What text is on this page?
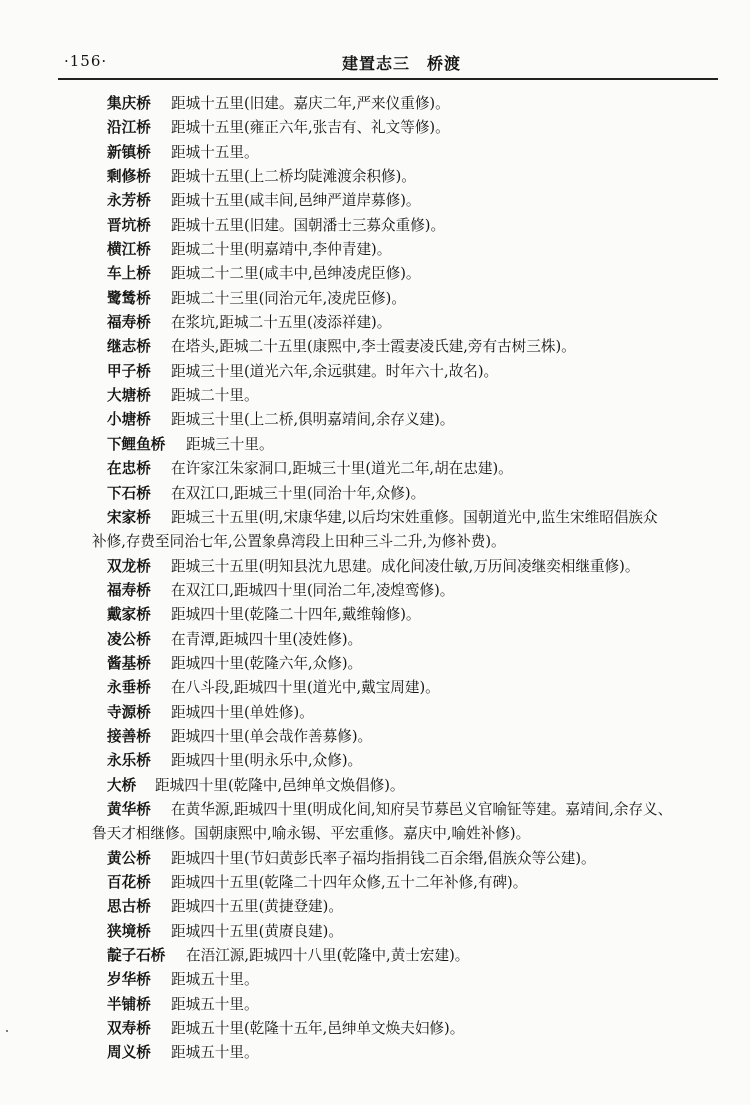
·156·	建置志三　桥渡
集庆桥 距城十五里(旧建。嘉庆二年,严来仪重修)。
沿江桥 距城十五里(雍正六年,张吉有、礼文等修)。
新镇桥 距城十五里。
剩修桥 距城十五里(上二桥均陡滩渡余积修)。
永芳桥 距城十五里(咸丰间,邑绅严道岸募修)。
晋坑桥 距城十五里(旧建。国朝潘士三募众重修)。
横江桥 距城二十里(明嘉靖中,李仲青建)。
车上桥 距城二十二里(咸丰中,邑绅凌虎臣修)。
鹭鸶桥 距城二十三里(同治元年,凌虎臣修)。
福寿桥 在浆坑,距城二十五里(凌添祥建)。
继志桥 在塔头,距城二十五里(康熙中,李士霞妻凌氏建,旁有古树三株)。
甲子桥 距城三十里(道光六年,余远骐建。时年六十,故名)。
大塘桥 距城二十里。
小塘桥 距城三十里(上二桥,俱明嘉靖间,余存义建)。
下鲤鱼桥 距城三十里。
在忠桥 在许家江朱家洞口,距城三十里(道光二年,胡在忠建)。
下石桥 在双江口,距城三十里(同治十年,众修)。
宋家桥 距城三十五里(明,宋康华建,以后均宋姓重修。国朝道光中,监生宋维昭倡族众
补修,存费至同治七年,公置象鼻湾段上田种三斗二升,为修补费)。
双龙桥 距城三十五里(明知县沈九思建。成化间凌仕敏,万历间凌继奕相继重修)。
福寿桥 在双江口,距城四十里(同治二年,凌煌鸾修)。
戴家桥 距城四十里(乾隆二十四年,戴维翰修)。
凌公桥 在青潭,距城四十里(凌姓修)。
酱基桥 距城四十里(乾隆六年,众修)。
永垂桥 在八斗段,距城四十里(道光中,戴宝周建)。
寺源桥 距城四十里(单姓修)。
接善桥 距城四十里(单会哉作善募修)。
永乐桥 距城四十里(明永乐中,众修)。
大桥 距城四十里(乾隆中,邑绅单文焕倡修)。
黄华桥 在黄华源,距城四十里(明成化间,知府吴节募邑义官喻钲等建。嘉靖间,余存义、
鲁天才相继修。国朝康熙中,喻永锡、平宏重修。嘉庆中,喻姓补修)。
黄公桥 距城四十里(节妇黄彭氏率子福均指捐钱二百余缗,倡族众等公建)。
百花桥 距城四十五里(乾隆二十四年众修,五十二年补修,有碑)。
思古桥 距城四十五里(黄捷登建)。
狭境桥 距城四十五里(黄赓良建)。
靛子石桥 在浯江源,距城四十八里(乾隆中,黄士宏建)。
岁华桥 距城五十里。
半铺桥 距城五十里。
双寿桥 距城五十里(乾隆十五年,邑绅单文焕夫妇修)。
周义桥 距城五十里。
